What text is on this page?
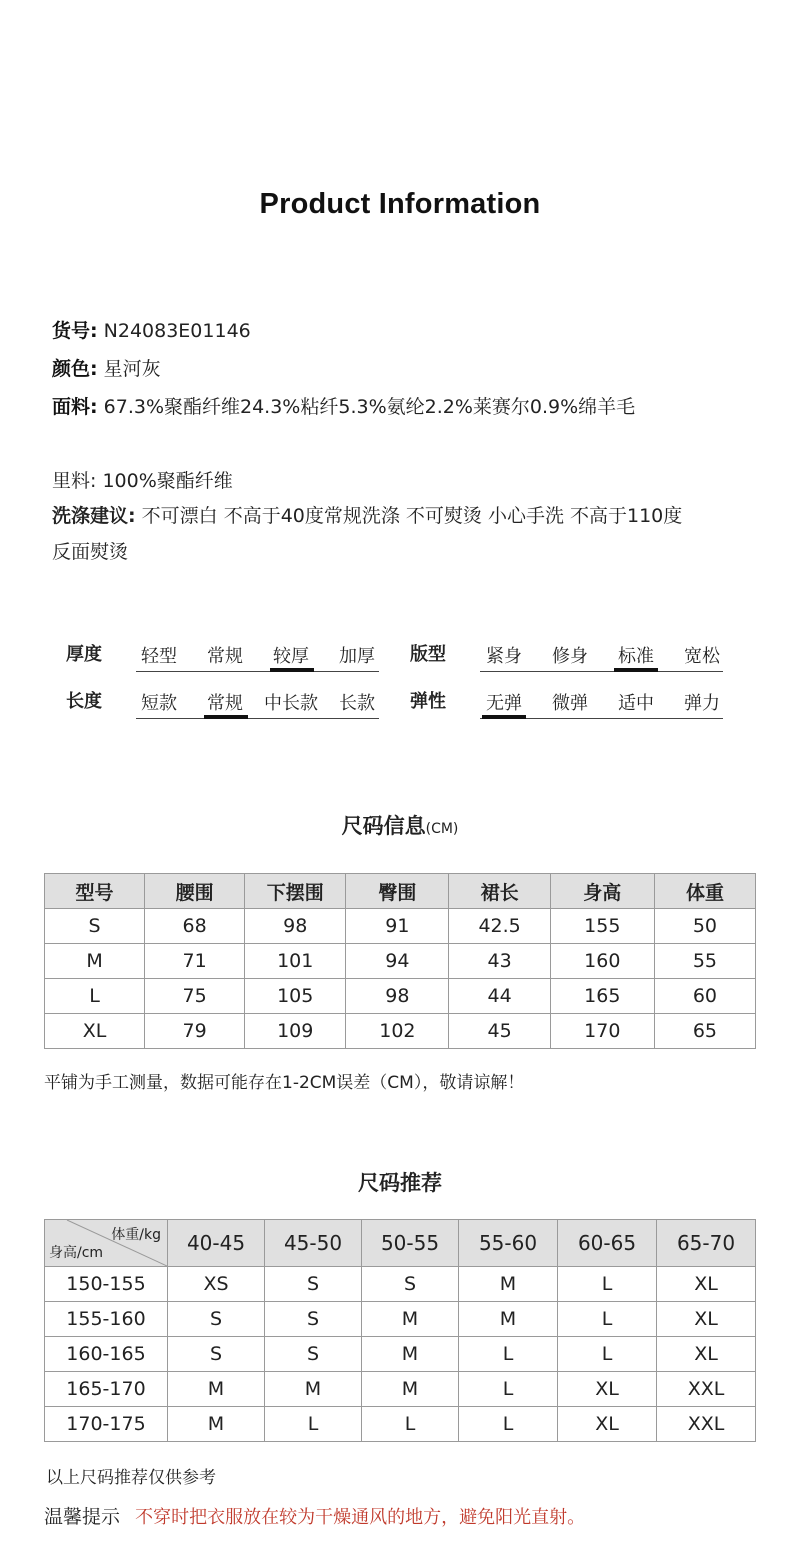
Product Information
货号: N24083E01146
颜色: 星河灰
面料: 67.3%聚酯纤维24.3%粘纤5.3%氨纶2.2%莱赛尔0.9%绵羊毛
里料: 100%聚酯纤维
洗涤建议: 不可漂白 不高于40度常规洗涤 不可熨烫 小心手洗 不高于110度
反面熨烫
厚度	轻型	常规	较厚	加厚	版型	紧身	修身	标准	宽松
长度	短款	常规	中长款	长款	弹性	无弹	微弹	适中	弹力
尺码信息(CM)
型号	腰围	下摆围	臀围	裙长	身高	体重
S	68	98	91	42.5	155	50
M	71	101	94	43	160	55
L	75	105	98	44	165	60
XL	79	109	102	45	170	65
平铺为手工测量，数据可能存在1-2CM误差（CM），敬请谅解！
尺码推荐
体重/kg
身高/cm	40-45	45-50	50-55	55-60	60-65	65-70
150-155	XS	S	S	M	L	XL
155-160	S	S	M	M	L	XL
160-165	S	S	M	L	L	XL
165-170	M	M	M	L	XL	XXL
170-175	M	L	L	L	XL	XXL
以上尺码推荐仅供参考
温馨提示 不穿时把衣服放在较为干燥通风的地方，避免阳光直射。
